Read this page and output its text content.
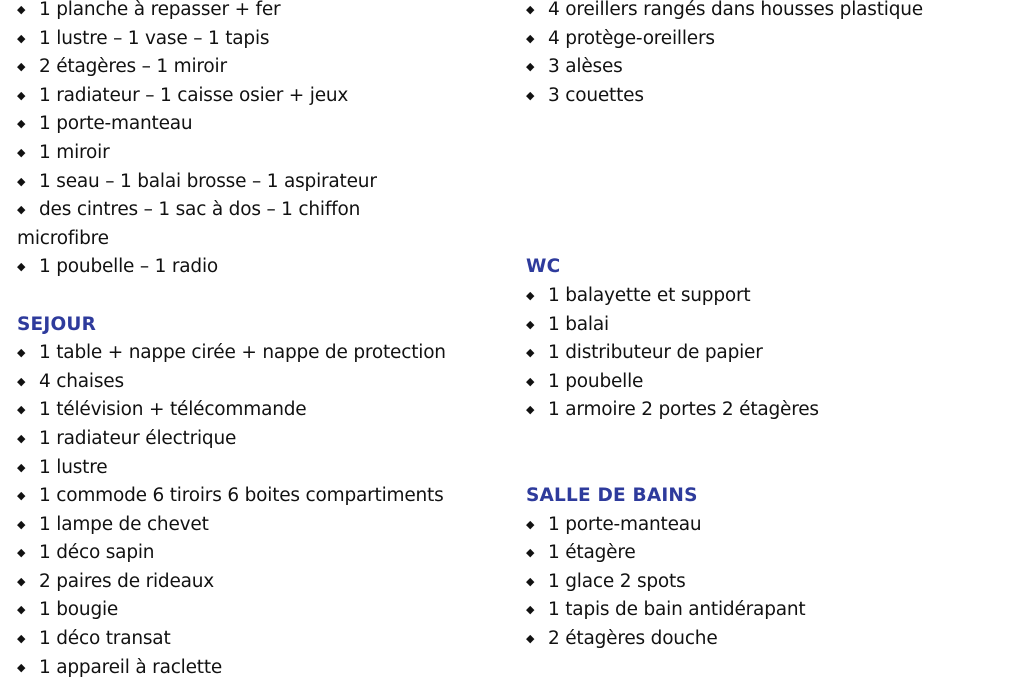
◆ 1 planche à repasser + fer
◆ 1 lustre – 1 vase – 1 tapis
◆ 2 étagères – 1 miroir
◆ 1 radiateur – 1 caisse osier + jeux
◆ 1 porte-manteau
◆ 1 miroir
◆ 1 seau – 1 balai brosse – 1 aspirateur
◆ des cintres – 1 sac à dos – 1 chiffon
microfibre
◆ 1 poubelle – 1 radio
SEJOUR
◆ 1 table + nappe cirée + nappe de protection
◆ 4 chaises
◆ 1 télévision + télécommande
◆ 1 radiateur électrique
◆ 1 lustre
◆ 1 commode 6 tiroirs 6 boites compartiments
◆ 1 lampe de chevet
◆ 1 déco sapin
◆ 2 paires de rideaux
◆ 1 bougie
◆ 1 déco transat
◆ 1 appareil à raclette
◆ 4 oreillers rangés dans housses plastique
◆ 4 protège-oreillers
◆ 3 alèses
◆ 3 couettes
WC
◆ 1 balayette et support
◆ 1 balai
◆ 1 distributeur de papier
◆ 1 poubelle
◆ 1 armoire 2 portes 2 étagères
SALLE DE BAINS
◆ 1 porte-manteau
◆ 1 étagère
◆ 1 glace 2 spots
◆ 1 tapis de bain antidérapant
◆ 2 étagères douche
